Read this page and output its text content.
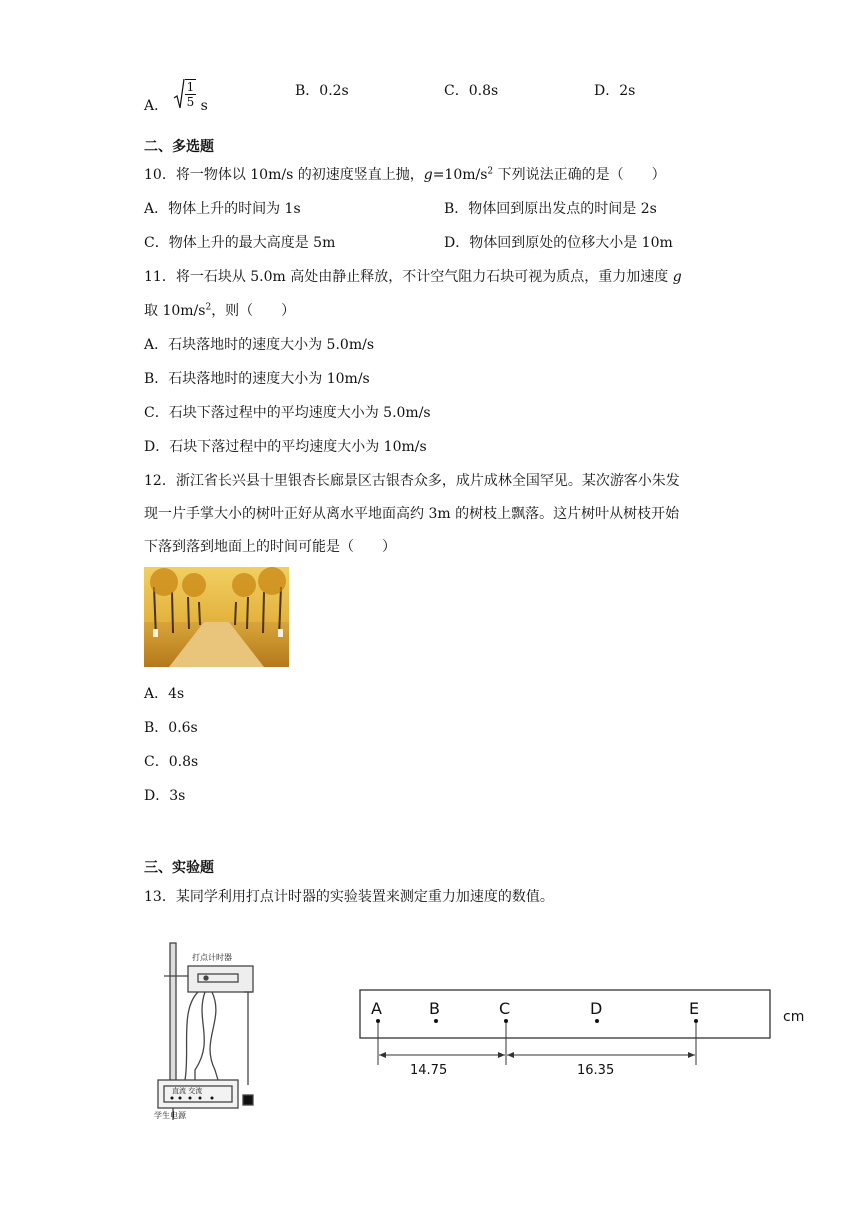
A． $\frac{1}{5}$ s
B．0.2s	C．0.8s	D．2s
二、多选题
10．将一物体以 10m/s 的初速度竖直上抛，$g=10m/s^2$ 下列说法正确的是（　　）
A．物体上升的时间为 1s	B．物体回到原出发点的时间是 2s
C．物体上升的最大高度是 5m	D．物体回到原处的位移大小是 10m
11．将一石块从 5.0m 高处由静止释放，不计空气阻力石块可视为质点，重力加速度 g
取 $10m/s^2$，则（　　）
A．石块落地时的速度大小为 5.0m/s
B．石块落地时的速度大小为 10m/s
C．石块下落过程中的平均速度大小为 5.0m/s
D．石块下落过程中的平均速度大小为 10m/s
12．浙江省长兴县十里银杏长廊景区古银杏众多，成片成林全国罕见。某次游客小朱发
现一片手掌大小的树叶正好从离水平地面高约 3m 的树枝上飘落。这片树叶从树枝开始
下落到落到地面上的时间可能是（　　）
A．4s
B．0.6s
C．0.8s
D．3s
三、实验题
13．某同学利用打点计时器的实验装置来测定重力加速度的数值。
打点计时器
直流 交流
学生电源
A	B	C	D	E	cm
14.75	16.35
